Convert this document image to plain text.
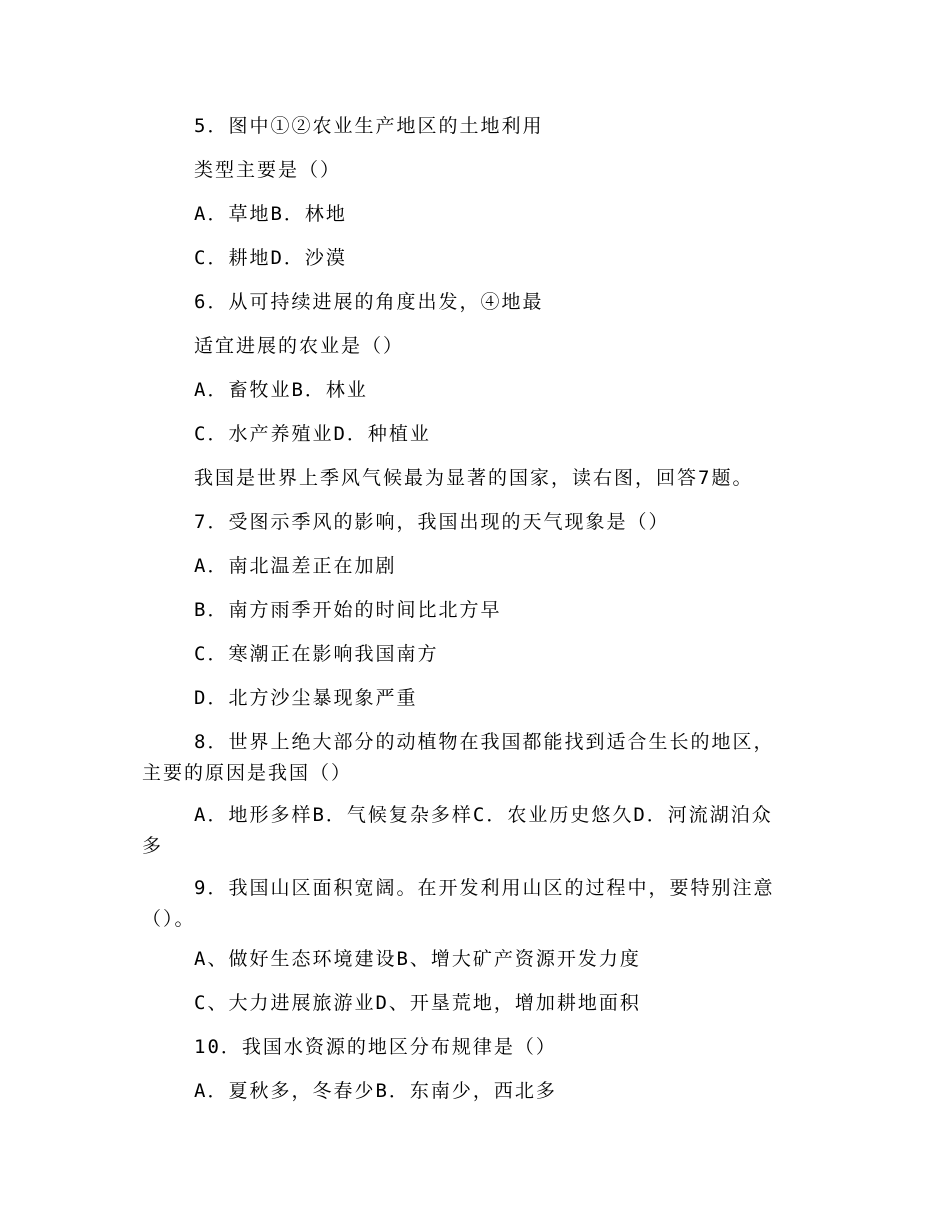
5．图中①②农业生产地区的土地利用
类型主要是（）
A．草地B．林地
C．耕地D．沙漠
6．从可持续进展的角度出发，④地最
适宜进展的农业是（）
A．畜牧业B．林业
C．水产养殖业D．种植业
我国是世界上季风气候最为显著的国家，读右图，回答7题。
7．受图示季风的影响，我国出现的天气现象是（）
A．南北温差正在加剧
B．南方雨季开始的时间比北方早
C．寒潮正在影响我国南方
D．北方沙尘暴现象严重
8．世界上绝大部分的动植物在我国都能找到适合生长的地区，
主要的原因是我国（）
A．地形多样B．气候复杂多样C．农业历史悠久D．河流湖泊众
多
9．我国山区面积宽阔。在开发利用山区的过程中，要特别注意
（）。
A、做好生态环境建设B、增大矿产资源开发力度
C、大力进展旅游业D、开垦荒地，增加耕地面积
10．我国水资源的地区分布规律是（）
A．夏秋多，冬春少B．东南少，西北多
